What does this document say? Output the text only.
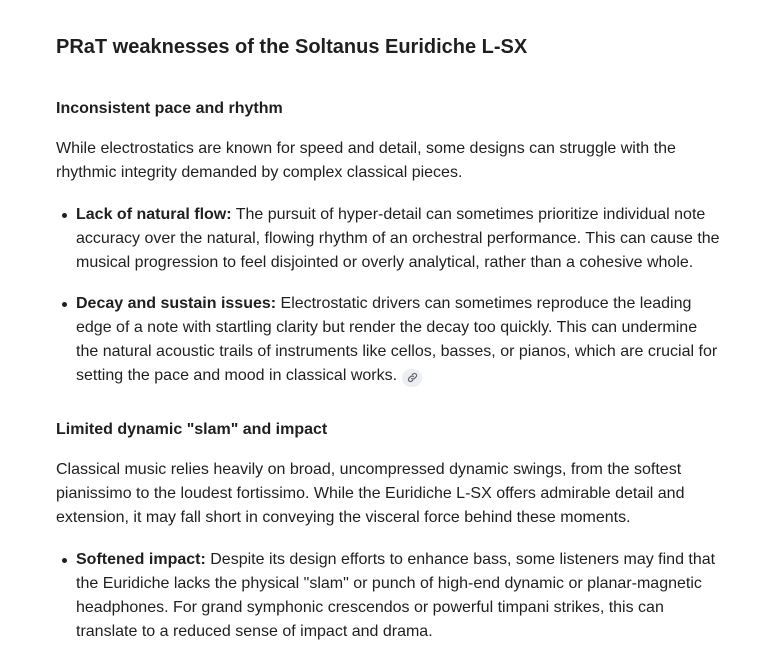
PRaT weaknesses of the Soltanus Euridiche L-SX
Inconsistent pace and rhythm

While electrostatics are known for speed and detail, some designs can struggle with the rhythmic integrity demanded by complex classical pieces.

Lack of natural flow: The pursuit of hyper-detail can sometimes prioritize individual note accuracy over the natural, flowing rhythm of an orchestral performance. This can cause the musical progression to feel disjointed or overly analytical, rather than a cohesive whole.
Decay and sustain issues: Electrostatic drivers can sometimes reproduce the leading edge of a note with startling clarity but render the decay too quickly. This can undermine the natural acoustic trails of instruments like cellos, basses, or pianos, which are crucial for setting the pace and mood in classical works.
Limited dynamic "slam" and impact

Classical music relies heavily on broad, uncompressed dynamic swings, from the softest pianissimo to the loudest fortissimo. While the Euridiche L-SX offers admirable detail and extension, it may fall short in conveying the visceral force behind these moments.

Softened impact: Despite its design efforts to enhance bass, some listeners may find that the Euridiche lacks the physical "slam" or punch of high-end dynamic or planar-magnetic headphones. For grand symphonic crescendos or powerful timpani strikes, this can translate to a reduced sense of impact and drama.
